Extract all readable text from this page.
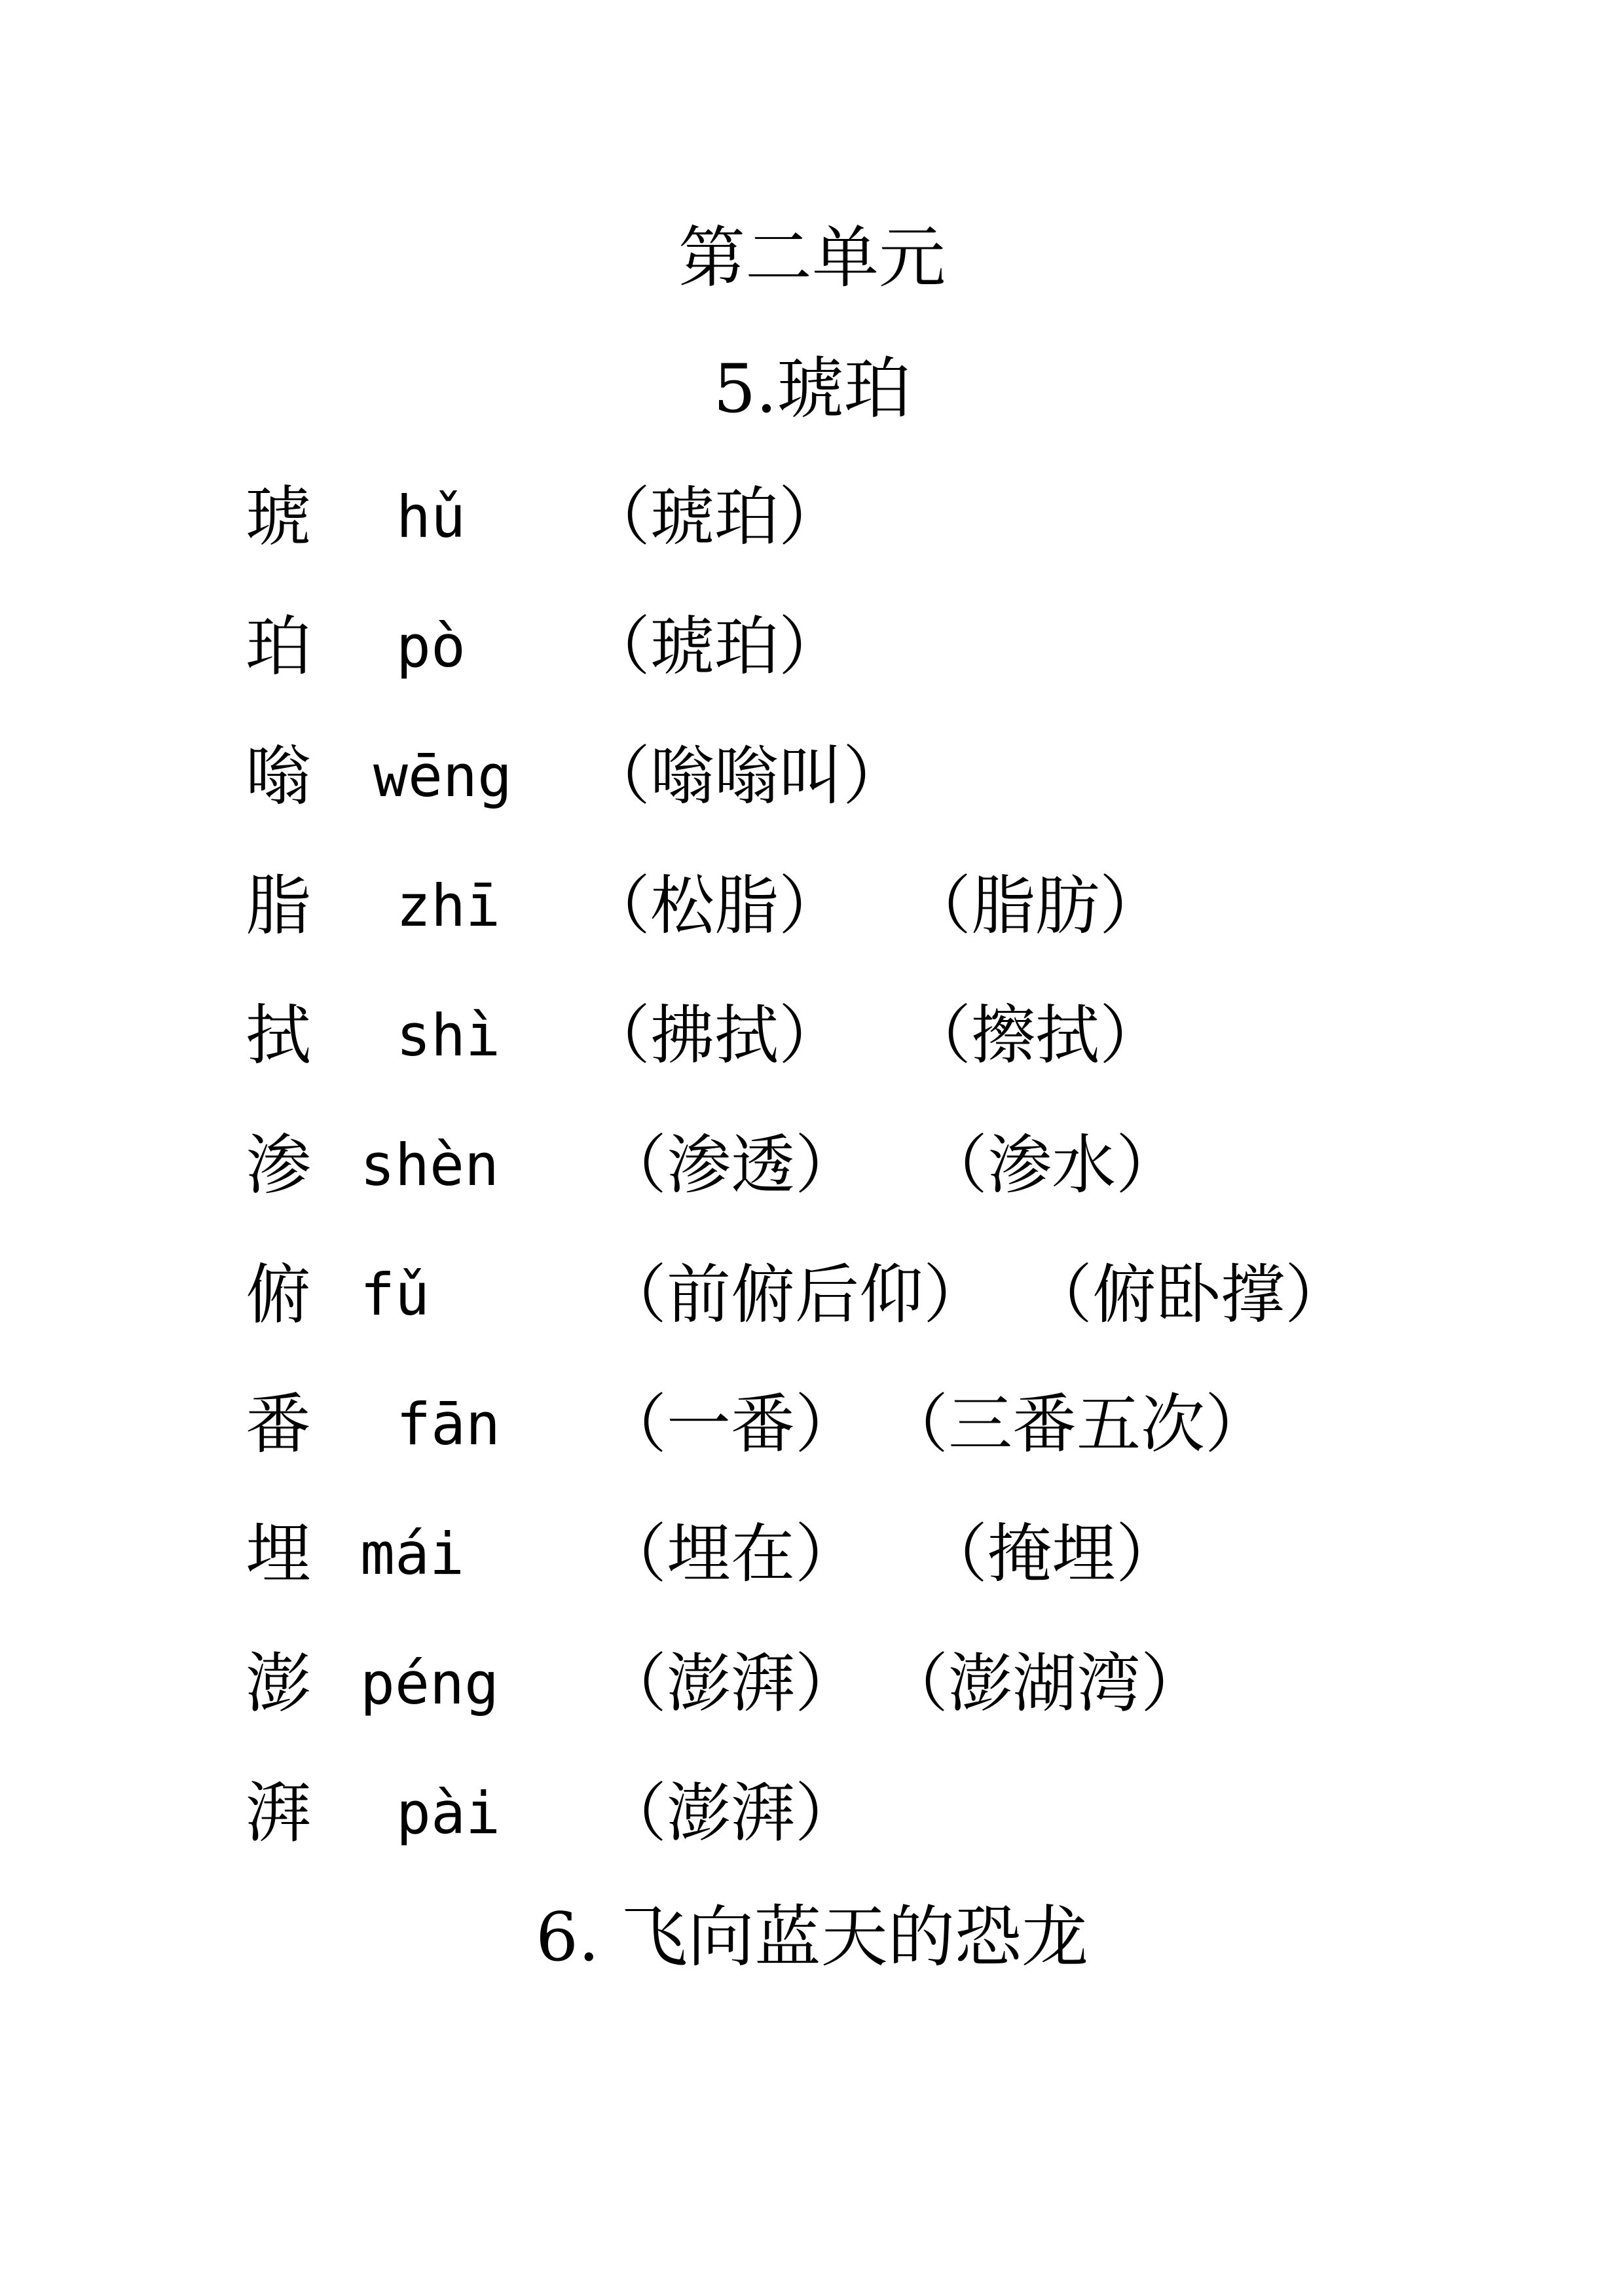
第二单元
5.琥珀
琥 hǔ （琥珀）
珀 pò （琥珀）
嗡 wēng （嗡嗡叫）
脂 zhī （松脂） （脂肪）
拭 shì （拂拭） （擦拭）
渗 shèn （渗透） （渗水）
俯 fǔ	（前俯后仰） （俯卧撑）
番 fān （一番） （三番五次）
埋 mái （埋在） （掩埋）
澎 péng （澎湃） （澎湖湾）
湃 pài （澎湃）
6. 飞向蓝天的恐龙
